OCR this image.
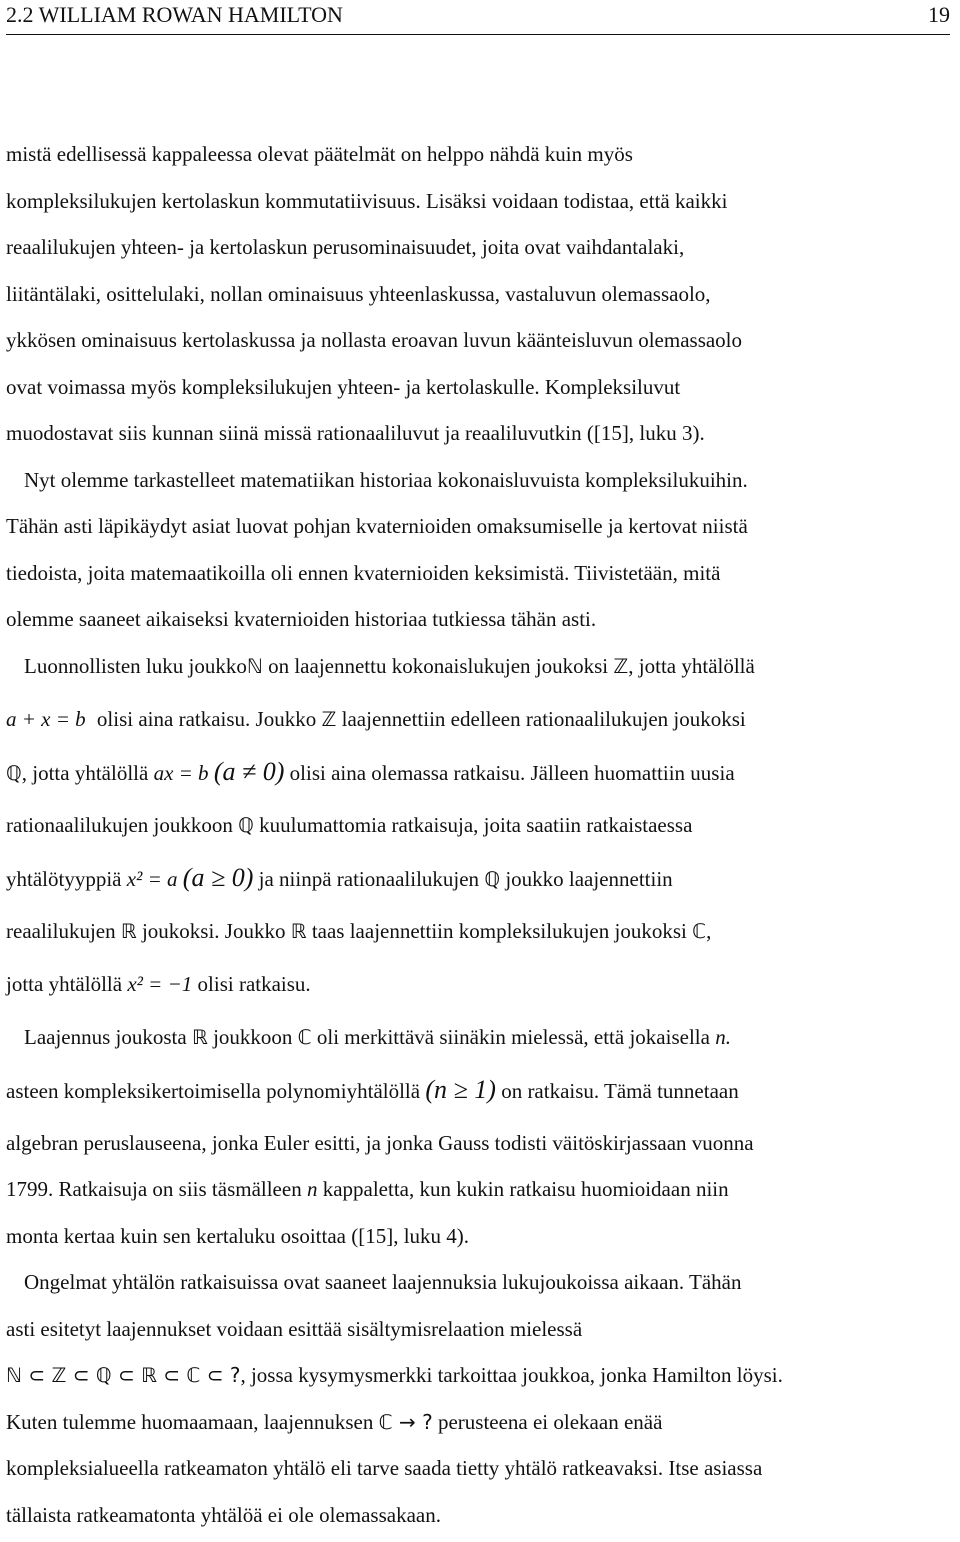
2.2 WILLIAM ROWAN HAMILTON	19
mistä edellisessä kappaleessa olevat päätelmät on helppo nähdä kuin myös
kompleksilukujen kertolaskun kommutatiivisuus. Lisäksi voidaan todistaa, että kaikki
reaalilukujen yhteen- ja kertolaskun perusominaisuudet, joita ovat vaihdantalaki,
liitäntälaki, osittelulaki, nollan ominaisuus yhteenlaskussa, vastaluvun olemassaolo,
ykkösen ominaisuus kertolaskussa ja nollasta eroavan luvun käänteisluvun olemassaolo
ovat voimassa myös kompleksilukujen yhteen- ja kertolaskulle. Kompleksiluvut
muodostavat siis kunnan siinä missä rationaaliluvut ja reaaliluvutkin ([15], luku 3).
Nyt olemme tarkastelleet matematiikan historiaa kokonaisluvuista kompleksilukuihin.
Tähän asti läpikäydyt asiat luovat pohjan kvaternioiden omaksumiselle ja kertovat niistä
tiedoista, joita matemaatikoilla oli ennen kvaternioiden keksimistä. Tiivistetään, mitä
olemme saaneet aikaiseksi kvaternioiden historiaa tutkiessa tähän asti.
Luonnollisten luku joukkoℕ on laajennettu kokonaislukujen joukoksi ℤ, jotta yhtälöllä
a + x = b olisi aina ratkaisu. Joukko ℤ laajennettiin edelleen rationaalilukujen joukoksi
ℚ, jotta yhtälöllä ax = b (a ≠ 0) olisi aina olemassa ratkaisu. Jälleen huomattiin uusia
rationaalilukujen joukkoon ℚ kuulumattomia ratkaisuja, joita saatiin ratkaistaessa
yhtälötyyppiä x² = a (a ≥ 0) ja niinpä rationaalilukujen ℚ joukko laajennettiin
reaalilukujen ℝ joukoksi. Joukko ℝ taas laajennettiin kompleksilukujen joukoksi ℂ,
jotta yhtälöllä x² = −1 olisi ratkaisu.
Laajennus joukosta ℝ joukkoon ℂ oli merkittävä siinäkin mielessä, että jokaisella n.
asteen kompleksikertoimisella polynomiyhtälöllä (n ≥ 1) on ratkaisu. Tämä tunnetaan
algebran peruslauseena, jonka Euler esitti, ja jonka Gauss todisti väitöskirjassaan vuonna
1799. Ratkaisuja on siis täsmälleen n kappaletta, kun kukin ratkaisu huomioidaan niin
monta kertaa kuin sen kertaluku osoittaa ([15], luku 4).
Ongelmat yhtälön ratkaisuissa ovat saaneet laajennuksia lukujoukoissa aikaan. Tähän
asti esitetyt laajennukset voidaan esittää sisältymisrelaation mielessä
ℕ ⊂ ℤ ⊂ ℚ ⊂ ℝ ⊂ ℂ ⊂ ?, jossa kysymysmerkki tarkoittaa joukkoa, jonka Hamilton löysi.
Kuten tulemme huomaamaan, laajennuksen ℂ → ? perusteena ei olekaan enää
kompleksialueella ratkeamaton yhtälö eli tarve saada tietty yhtälö ratkeavaksi. Itse asiassa
tällaista ratkeamatonta yhtälöä ei ole olemassakaan.
